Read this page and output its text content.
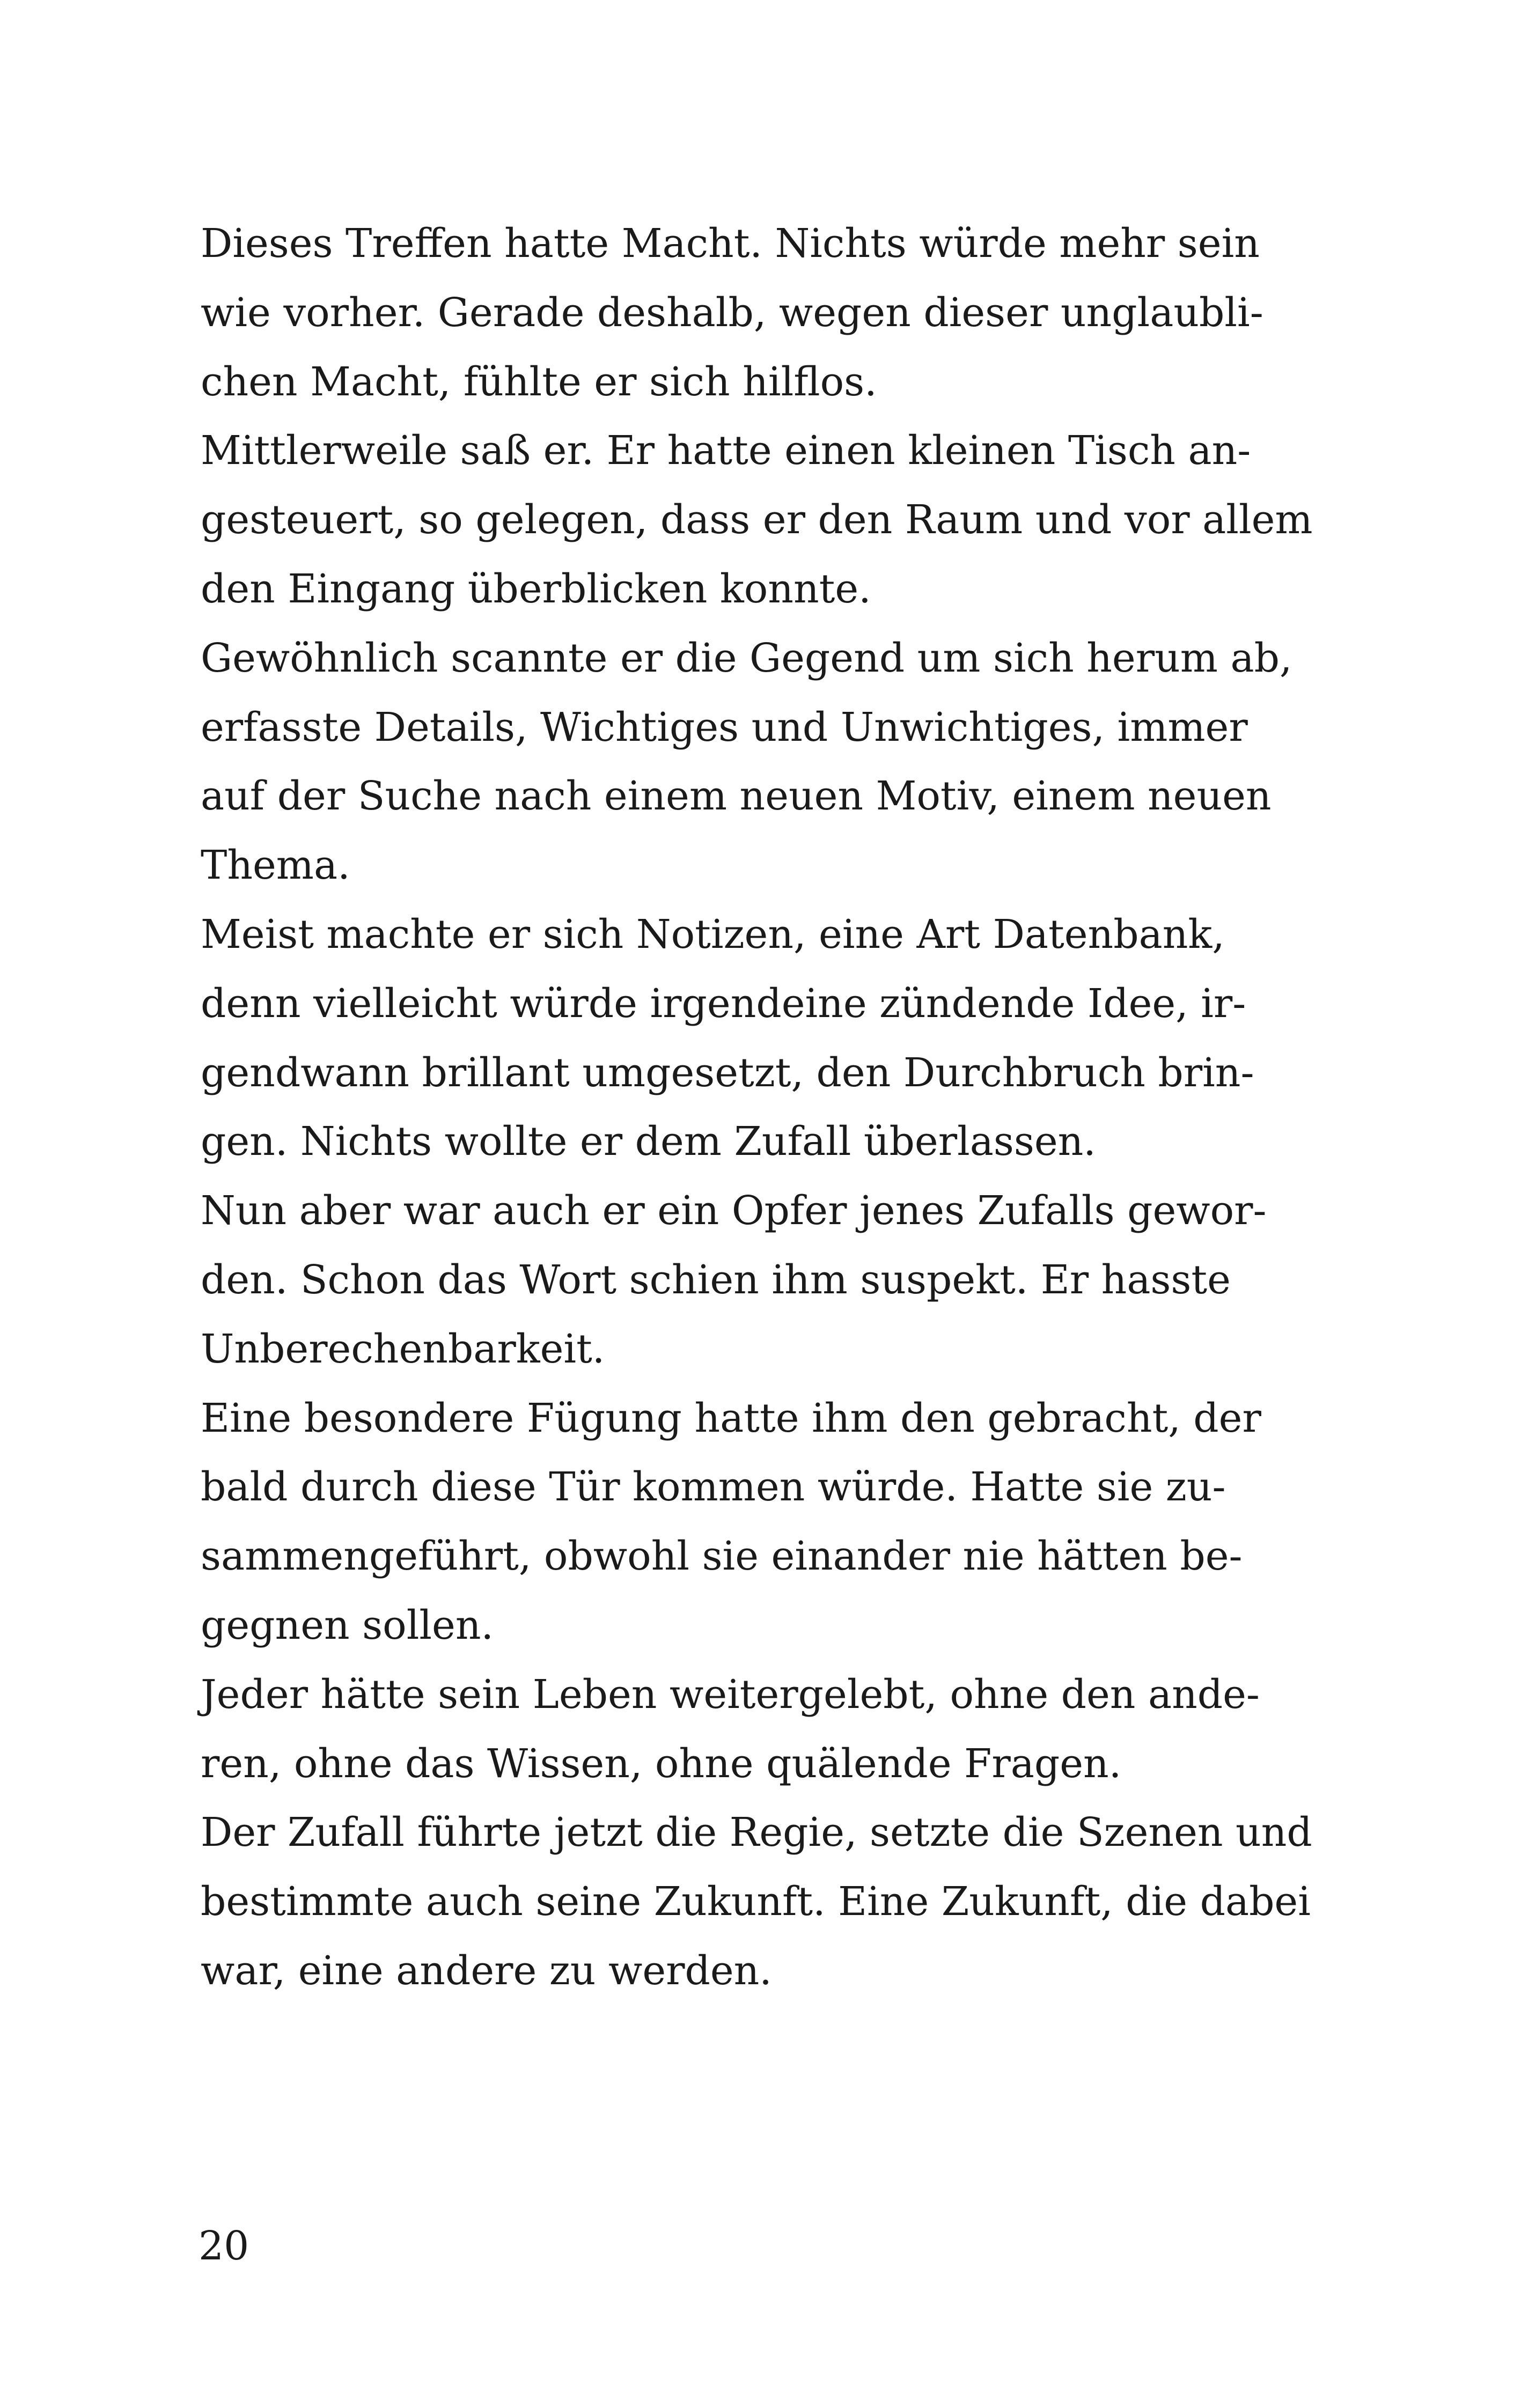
Dieses Treffen hatte Macht. Nichts würde mehr sein
wie vorher. Gerade deshalb, wegen dieser unglaubli-
chen Macht, fühlte er sich hilflos.
Mittlerweile saß er. Er hatte einen kleinen Tisch an-
gesteuert, so gelegen, dass er den Raum und vor allem
den Eingang überblicken konnte.
Gewöhnlich scannte er die Gegend um sich herum ab,
erfasste Details, Wichtiges und Unwichtiges, immer
auf der Suche nach einem neuen Motiv, einem neuen
Thema.
Meist machte er sich Notizen, eine Art Datenbank,
denn vielleicht würde irgendeine zündende Idee, ir-
gendwann brillant umgesetzt, den Durchbruch brin-
gen. Nichts wollte er dem Zufall überlassen.
Nun aber war auch er ein Opfer jenes Zufalls gewor-
den. Schon das Wort schien ihm suspekt. Er hasste
Unberechenbarkeit.
Eine besondere Fügung hatte ihm den gebracht, der
bald durch diese Tür kommen würde. Hatte sie zu-
sammengeführt, obwohl sie einander nie hätten be-
gegnen sollen.
Jeder hätte sein Leben weitergelebt, ohne den ande-
ren, ohne das Wissen, ohne quälende Fragen.
Der Zufall führte jetzt die Regie, setzte die Szenen und
bestimmte auch seine Zukunft. Eine Zukunft, die dabei
war, eine andere zu werden.
20
